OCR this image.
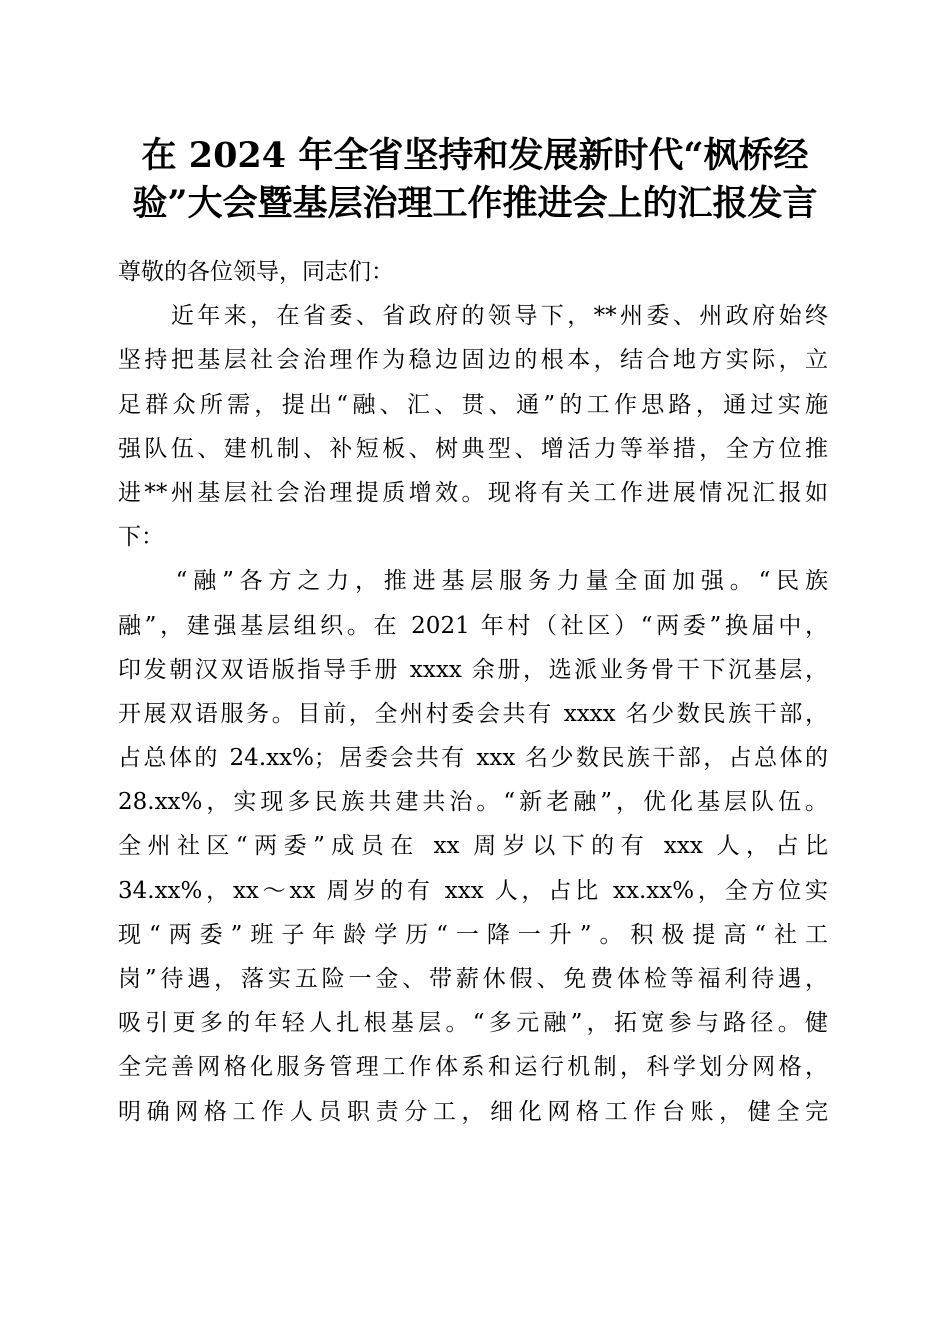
在 2024 年全省坚持和发展新时代“枫桥经
验”大会暨基层治理工作推进会上的汇报发言
尊敬的各位领导，同志们：
　　近年来，在省委、省政府的领导下，**州委、州政府始终
坚持把基层社会治理作为稳边固边的根本，结合地方实际，立
足群众所需，提出“融、汇、贯、通”的工作思路，通过实施
强队伍、建机制、补短板、树典型、增活力等举措，全方位推
进**州基层社会治理提质增效。现将有关工作进展情况汇报如
下：
　　“融”各方之力，推进基层服务力量全面加强。“民族
融”，建强基层组织。在 2021 年村（社区）“两委”换届中，
印发朝汉双语版指导手册 xxxx 余册，选派业务骨干下沉基层，
开展双语服务。目前，全州村委会共有 xxxx 名少数民族干部，
占总体的 24.xx%；居委会共有 xxx 名少数民族干部，占总体的
28.xx%，实现多民族共建共治。“新老融”，优化基层队伍。
全州社区“两委”成员在 xx 周岁以下的有 xxx 人，占比
34.xx%，xx～xx 周岁的有 xxx 人，占比 xx.xx%，全方位实
现“两委”班子年龄学历“一降一升”。积极提高“社工
岗”待遇，落实五险一金、带薪休假、免费体检等福利待遇，
吸引更多的年轻人扎根基层。“多元融”，拓宽参与路径。健
全完善网格化服务管理工作体系和运行机制，科学划分网格，
明确网格工作人员职责分工，细化网格工作台账，健全完
